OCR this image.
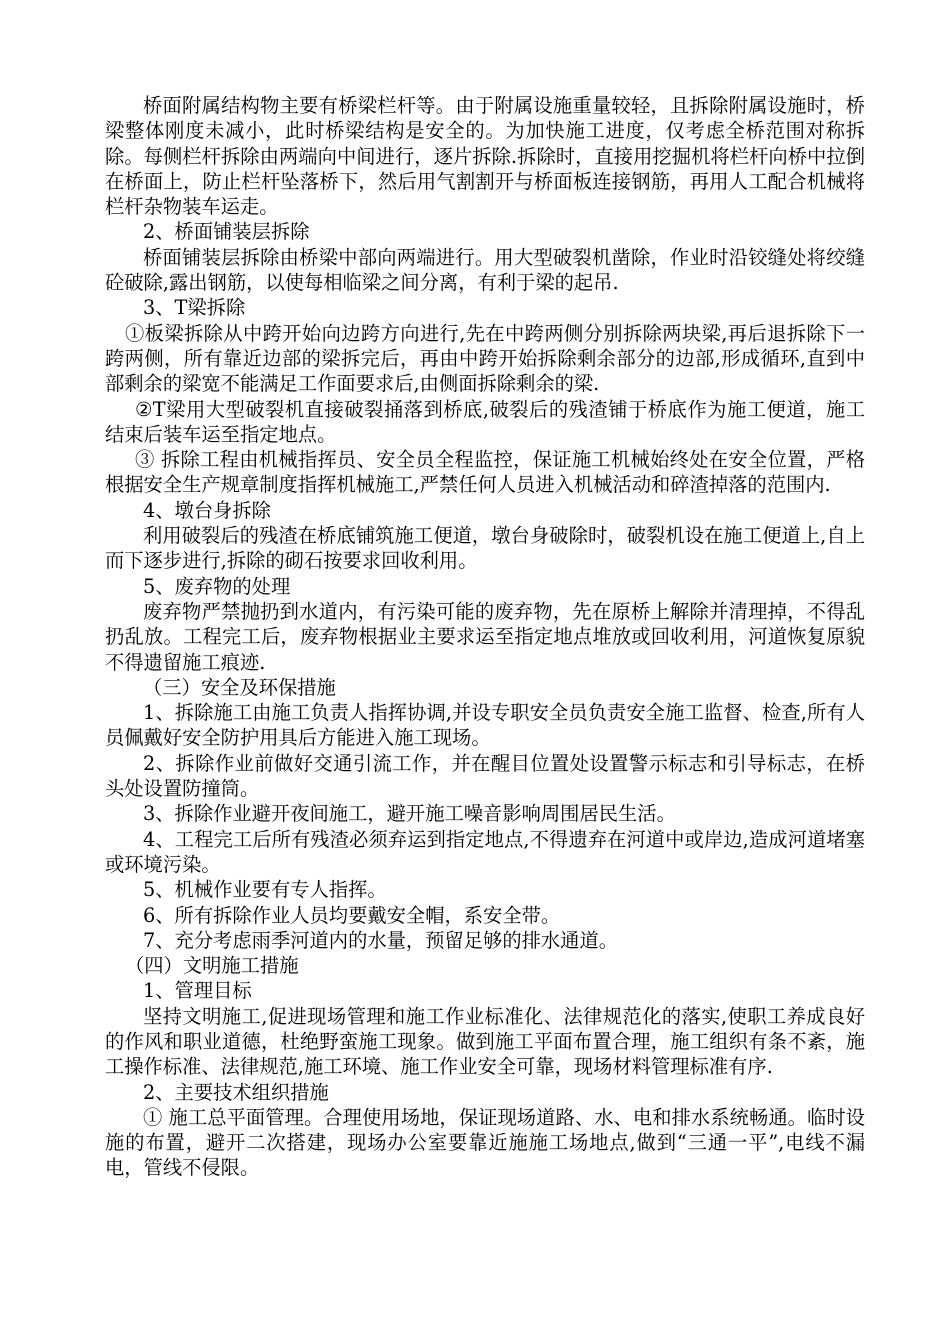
桥面附属结构物主要有桥梁栏杆等。由于附属设施重量较轻，且拆除附属设施时，桥梁整体刚度未减小，此时桥梁结构是安全的。为加快施工进度，仅考虑全桥范围对称拆除。每侧栏杆拆除由两端向中间进行，逐片拆除.拆除时，直接用挖掘机将栏杆向桥中拉倒在桥面上，防止栏杆坠落桥下，然后用气割割开与桥面板连接钢筋，再用人工配合机械将栏杆杂物装车运走。

2、桥面铺装层拆除

桥面铺装层拆除由桥梁中部向两端进行。用大型破裂机凿除，作业时沿铰缝处将绞缝砼破除,露出钢筋，以使每相临梁之间分离，有利于梁的起吊.

3、T梁拆除

①板梁拆除从中跨开始向边跨方向进行,先在中跨两侧分别拆除两块梁,再后退拆除下一跨两侧，所有靠近边部的梁拆完后，再由中跨开始拆除剩余部分的边部,形成循环,直到中部剩余的梁宽不能满足工作面要求后,由侧面拆除剩余的梁.

②T梁用大型破裂机直接破裂捅落到桥底,破裂后的残渣铺于桥底作为施工便道，施工结束后装车运至指定地点。

③ 拆除工程由机械指挥员、安全员全程监控，保证施工机械始终处在安全位置，严格根据安全生产规章制度指挥机械施工,严禁任何人员进入机械活动和碎渣掉落的范围内.

4、墩台身拆除

利用破裂后的残渣在桥底铺筑施工便道，墩台身破除时，破裂机设在施工便道上,自上而下逐步进行,拆除的砌石按要求回收利用。

5、废弃物的处理

废弃物严禁抛扔到水道内，有污染可能的废弃物，先在原桥上解除并清理掉，不得乱扔乱放。工程完工后，废弃物根据业主要求运至指定地点堆放或回收利用，河道恢复原貌不得遗留施工痕迹.

（三）安全及环保措施

1、拆除施工由施工负责人指挥协调,并设专职安全员负责安全施工监督、检查,所有人员佩戴好安全防护用具后方能进入施工现场。

2、拆除作业前做好交通引流工作，并在醒目位置处设置警示标志和引导标志，在桥头处设置防撞筒。

3、拆除作业避开夜间施工，避开施工噪音影响周围居民生活。

4、工程完工后所有残渣必须弃运到指定地点,不得遗弃在河道中或岸边,造成河道堵塞或环境污染。

5、机械作业要有专人指挥。

6、所有拆除作业人员均要戴安全帽，系安全带。

7、充分考虑雨季河道内的水量，预留足够的排水通道。

（四）文明施工措施

1、管理目标

坚持文明施工,促进现场管理和施工作业标准化、法律规范化的落实,使职工养成良好的作风和职业道德，杜绝野蛮施工现象。做到施工平面布置合理，施工组织有条不紊，施工操作标准、法律规范,施工环境、施工作业安全可靠，现场材料管理标准有序.

2、主要技术组织措施

① 施工总平面管理。合理使用场地，保证现场道路、水、电和排水系统畅通。临时设施的布置，避开二次搭建，现场办公室要靠近施施工场地点,做到“三通一平”,电线不漏电，管线不侵限。
